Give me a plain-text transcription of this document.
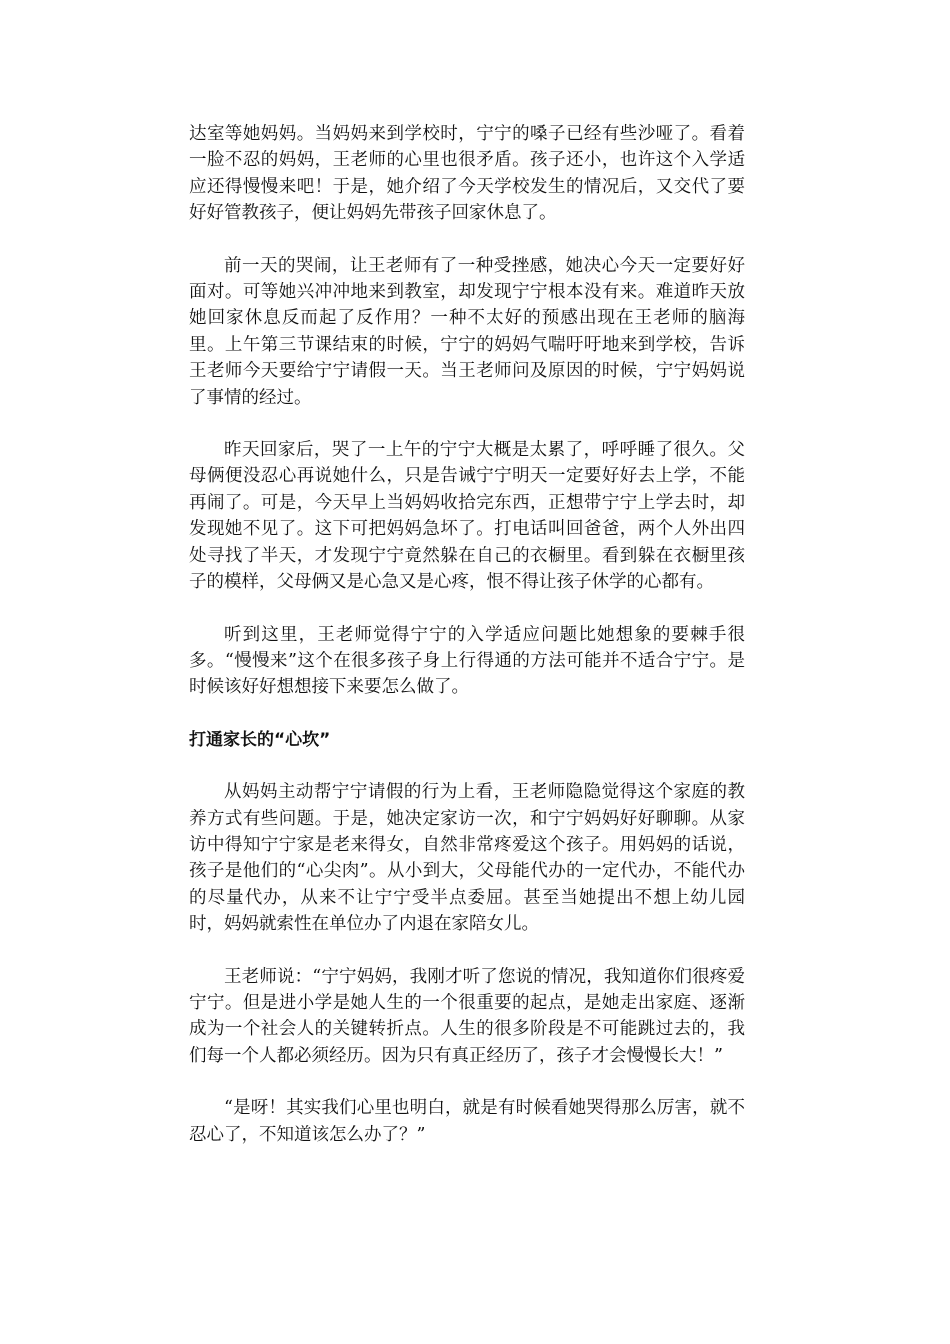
达室等她妈妈。当妈妈来到学校时，宁宁的嗓子已经有些沙哑了。看着一脸不忍的妈妈，王老师的心里也很矛盾。孩子还小，也许这个入学适应还得慢慢来吧！于是，她介绍了今天学校发生的情况后，又交代了要好好管教孩子，便让妈妈先带孩子回家休息了。

前一天的哭闹，让王老师有了一种受挫感，她决心今天一定要好好面对。可等她兴冲冲地来到教室，却发现宁宁根本没有来。难道昨天放她回家休息反而起了反作用？一种不太好的预感出现在王老师的脑海里。上午第三节课结束的时候，宁宁的妈妈气喘吁吁地来到学校，告诉王老师今天要给宁宁请假一天。当王老师问及原因的时候，宁宁妈妈说了事情的经过。

昨天回家后，哭了一上午的宁宁大概是太累了，呼呼睡了很久。父母俩便没忍心再说她什么，只是告诫宁宁明天一定要好好去上学，不能再闹了。可是，今天早上当妈妈收拾完东西，正想带宁宁上学去时，却发现她不见了。这下可把妈妈急坏了。打电话叫回爸爸，两个人外出四处寻找了半天，才发现宁宁竟然躲在自己的衣橱里。看到躲在衣橱里孩子的模样，父母俩又是心急又是心疼，恨不得让孩子休学的心都有。

听到这里，王老师觉得宁宁的入学适应问题比她想象的要棘手很多。“慢慢来”这个在很多孩子身上行得通的方法可能并不适合宁宁。是时候该好好想想接下来要怎么做了。

打通家长的“心坎”

从妈妈主动帮宁宁请假的行为上看，王老师隐隐觉得这个家庭的教养方式有些问题。于是，她决定家访一次，和宁宁妈妈好好聊聊。从家访中得知宁宁家是老来得女，自然非常疼爱这个孩子。用妈妈的话说，孩子是他们的“心尖肉”。从小到大，父母能代办的一定代办，不能代办的尽量代办，从来不让宁宁受半点委屈。甚至当她提出不想上幼儿园时，妈妈就索性在单位办了内退在家陪女儿。

王老师说：“宁宁妈妈，我刚才听了您说的情况，我知道你们很疼爱宁宁。但是进小学是她人生的一个很重要的起点，是她走出家庭、逐渐成为一个社会人的关键转折点。人生的很多阶段是不可能跳过去的，我们每一个人都必须经历。因为只有真正经历了，孩子才会慢慢长大！”

“是呀！其实我们心里也明白，就是有时候看她哭得那么厉害，就不忍心了，不知道该怎么办了？”
